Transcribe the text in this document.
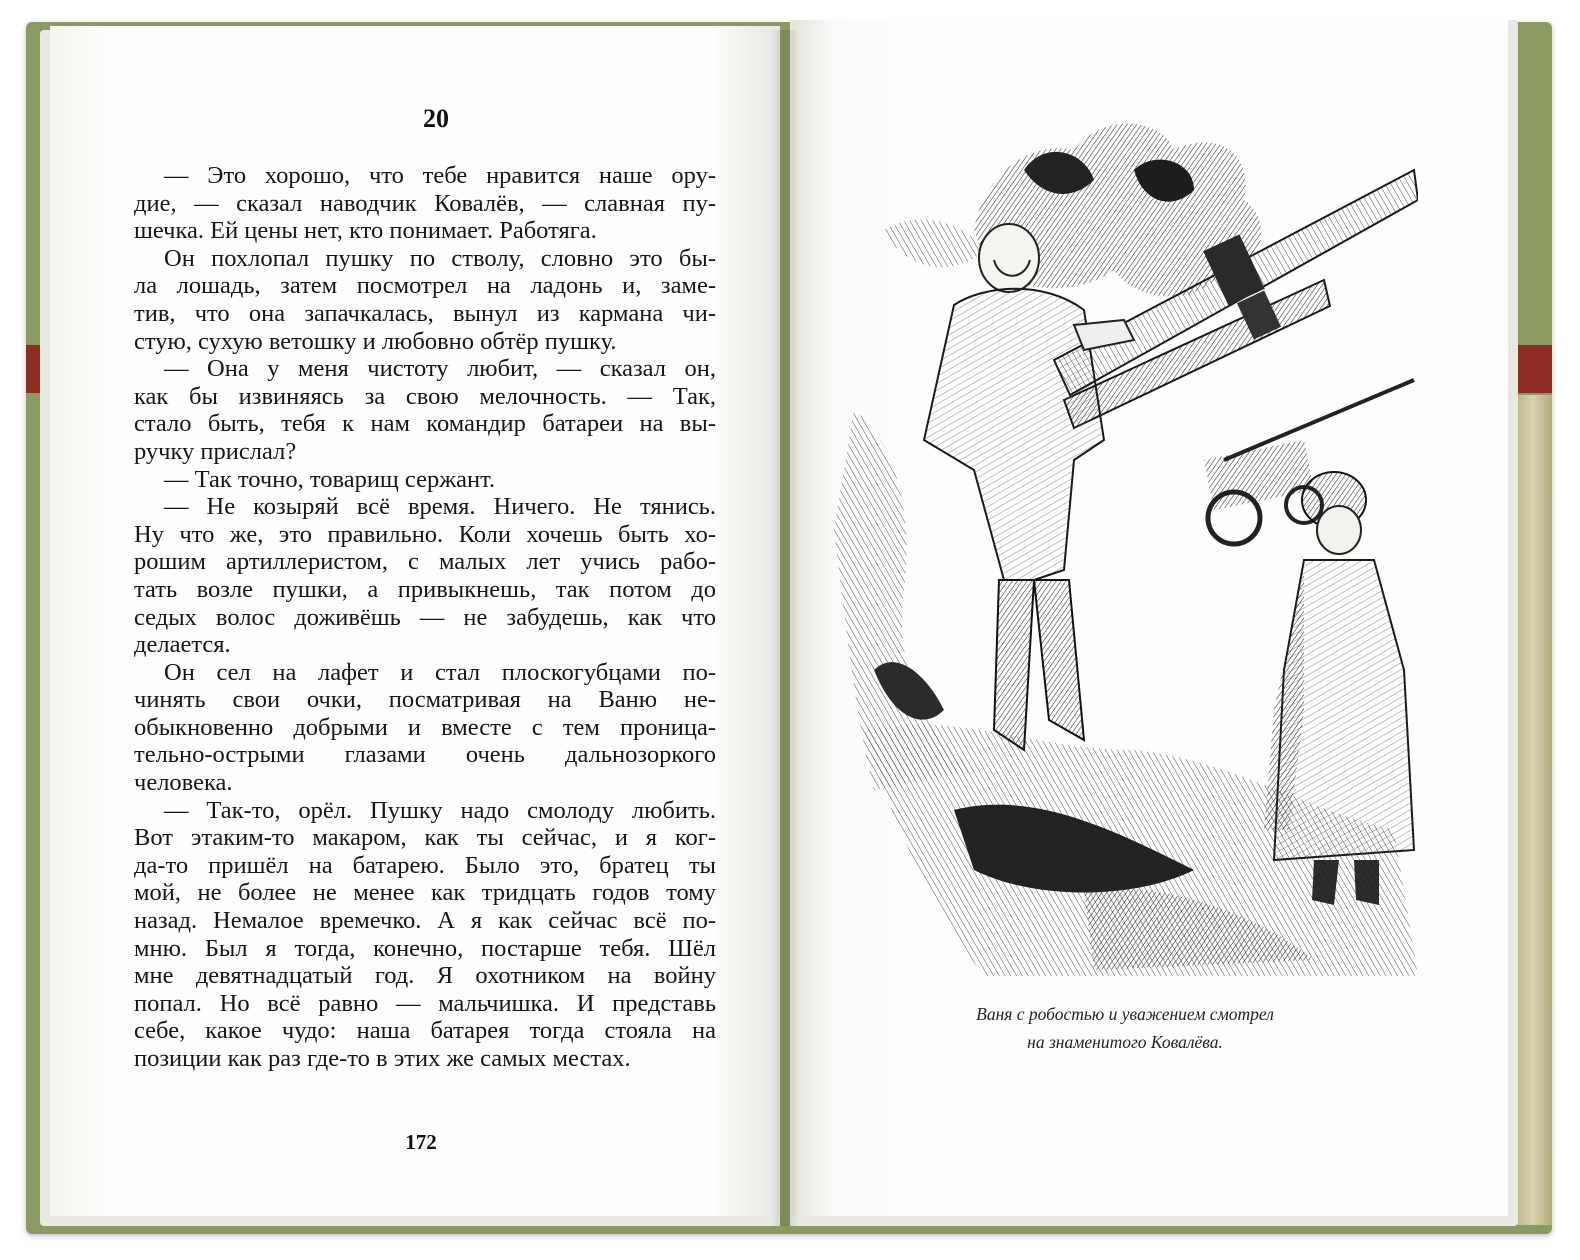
20
— Это хорошо, что тебе нравится наше ору-
дие, — сказал наводчик Ковалёв, — славная пу-
шечка. Ей цены нет, кто понимает. Работяга.
Он похлопал пушку по стволу, словно это бы-
ла лошадь, затем посмотрел на ладонь и, заме-
тив, что она запачкалась, вынул из кармана чи-
стую, сухую ветошку и любовно обтёр пушку.
— Она у меня чистоту любит, — сказал он,
как бы извиняясь за свою мелочность. — Так,
стало быть, тебя к нам командир батареи на вы-
ручку прислал?
— Так точно, товарищ сержант.
— Не козыряй всё время. Ничего. Не тянись.
Ну что же, это правильно. Коли хочешь быть хо-
рошим артиллеристом, с малых лет учись рабо-
тать возле пушки, а привыкнешь, так потом до
седых волос доживёшь — не забудешь, как что
делается.
Он сел на лафет и стал плоскогубцами по-
чинять свои очки, посматривая на Ваню не-
обыкновенно добрыми и вместе с тем проница-
тельно-острыми глазами очень дальнозоркого
человека.
— Так-то, орёл. Пушку надо смолоду любить.
Вот этаким-то макаром, как ты сейчас, и я ког-
да-то пришёл на батарею. Было это, братец ты
мой, не более не менее как тридцать годов тому
назад. Немалое времечко. А я как сейчас всё по-
мню. Был я тогда, конечно, постарше тебя. Шёл
мне девятнадцатый год. Я охотником на войну
попал. Но всё равно — мальчишка. И представь
себе, какое чудо: наша батарея тогда стояла на
позиции как раз где-то в этих же самых местах.
172
Ваня с робостью и уважением смотрел
на знаменитого Ковалёва.
